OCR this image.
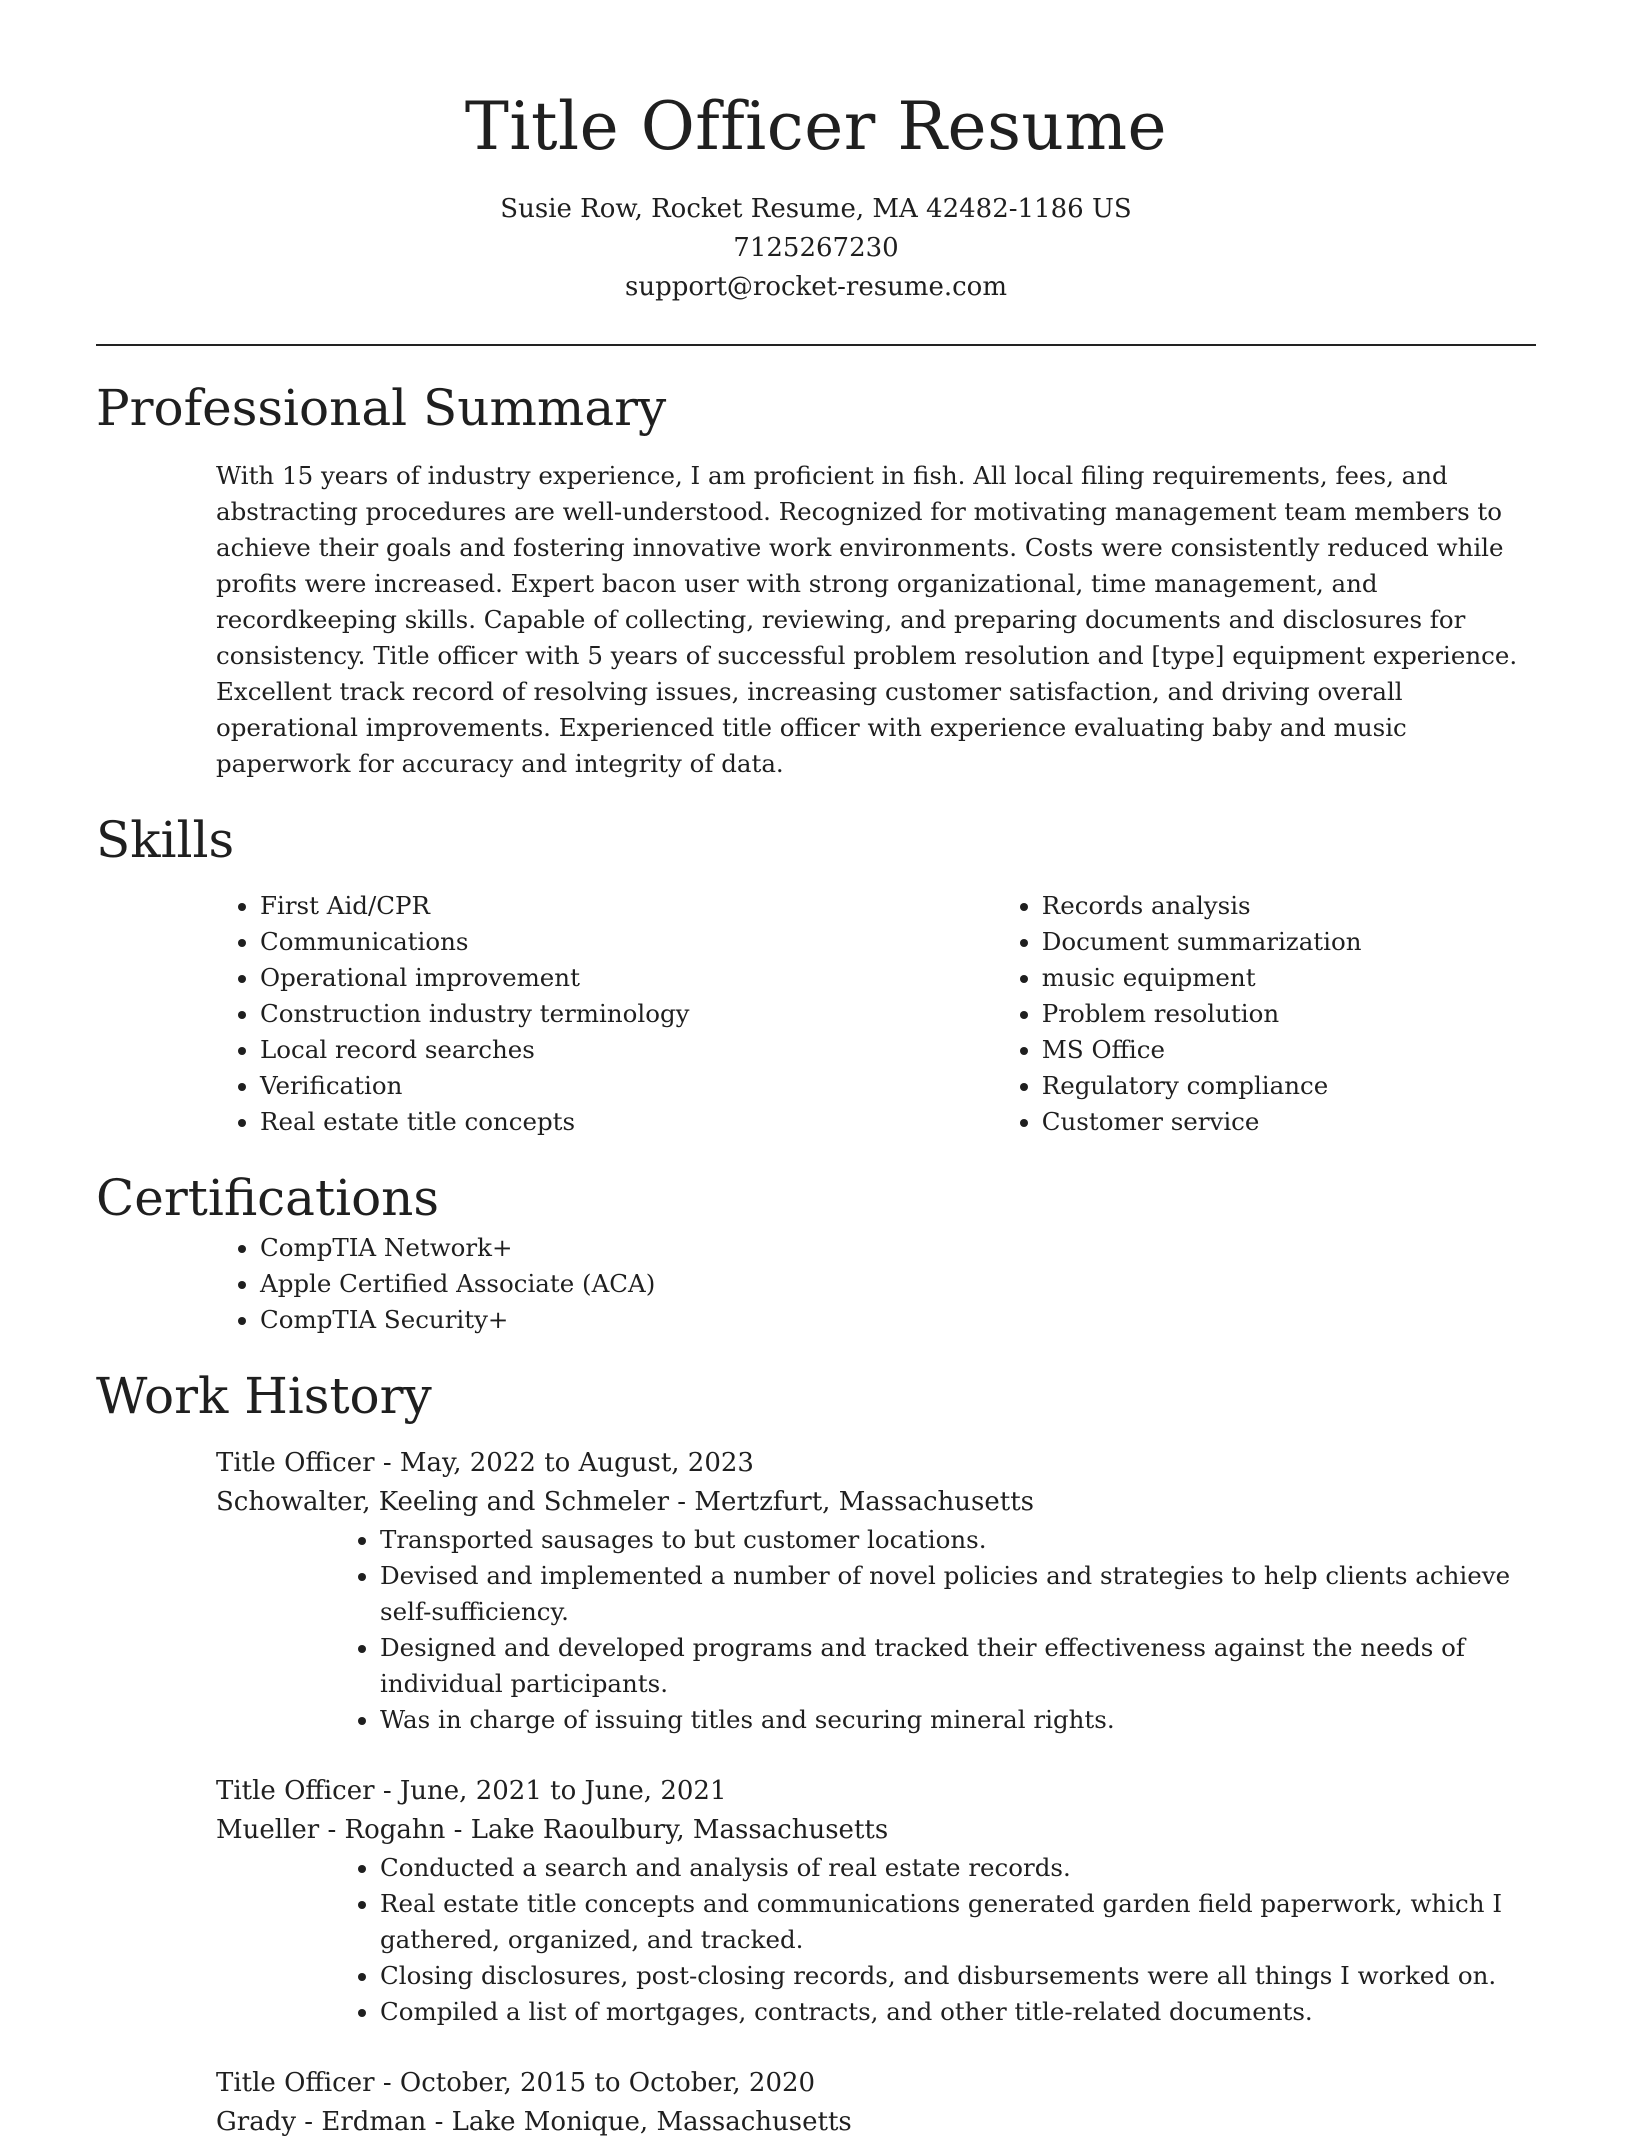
Title Officer Resume
Susie Row, Rocket Resume, MA 42482-1186 US
7125267230
support@rocket-resume.com
Professional Summary

With 15 years of industry experience, I am proficient in fish. All local filing requirements, fees, and abstracting procedures are well-understood. Recognized for motivating management team members to achieve their goals and fostering innovative work environments. Costs were consistently reduced while profits were increased. Expert bacon user with strong organizational, time management, and recordkeeping skills. Capable of collecting, reviewing, and preparing documents and disclosures for consistency. Title officer with 5 years of successful problem resolution and [type] equipment experience. Excellent track record of resolving issues, increasing customer satisfaction, and driving overall operational improvements. Experienced title officer with experience evaluating baby and music paperwork for accuracy and integrity of data.

Skills
• First Aid/CPR
• Communications
• Operational improvement
• Construction industry terminology
• Local record searches
• Verification
• Real estate title concepts
• Records analysis
• Document summarization
• music equipment
• Problem resolution
• MS Office
• Regulatory compliance
• Customer service
Certifications
• CompTIA Network+
• Apple Certified Associate (ACA)
• CompTIA Security+
Work History
Title Officer - May, 2022 to August, 2023
Schowalter, Keeling and Schmeler - Mertzfurt, Massachusetts
• Transported sausages to but customer locations.
• Devised and implemented a number of novel policies and strategies to help clients achieve self-sufficiency.
• Designed and developed programs and tracked their effectiveness against the needs of individual participants.
• Was in charge of issuing titles and securing mineral rights.
Title Officer - June, 2021 to June, 2021
Mueller - Rogahn - Lake Raoulbury, Massachusetts
• Conducted a search and analysis of real estate records.
• Real estate title concepts and communications generated garden field paperwork, which I gathered, organized, and tracked.
• Closing disclosures, post-closing records, and disbursements were all things I worked on.
• Compiled a list of mortgages, contracts, and other title-related documents.
Title Officer - October, 2015 to October, 2020
Grady - Erdman - Lake Monique, Massachusetts
